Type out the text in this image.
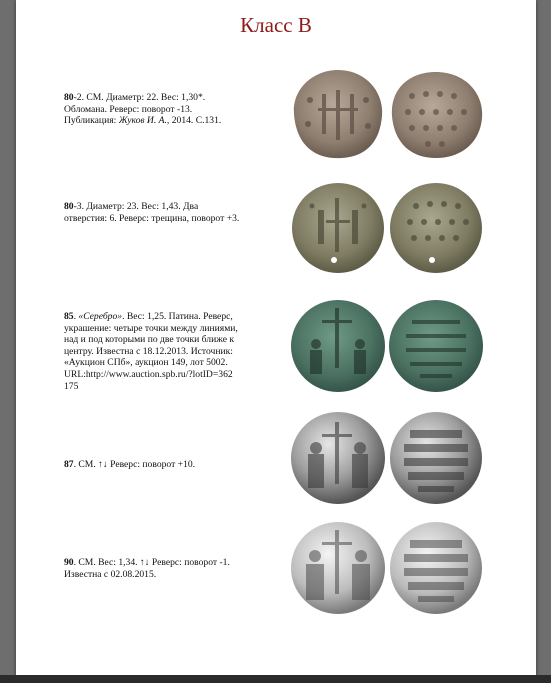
Класс В
80-2. СМ. Диаметр: 22. Вес: 1,30*.
Обломана. Реверс: поворот -13.
Публикация: Жуков И. А., 2014. С.131.
80-3. Диаметр: 23. Вес: 1,43. Два
отверстия: 6. Реверс: трещина, поворот +3.
85. «Серебро». Вес: 1,25. Патина. Реверс,
украшение: четыре точки между линиями,
над и под которыми по две точки ближе к
центру. Известна с 18.12.2013. Источник:
«Аукцион СПб», аукцион 149, лот 5002.
URL:http://www.auction.spb.ru/?lotID=362
175
87. СМ. ↑↓ Реверс: поворот +10.
90. СМ. Вес: 1,34. ↑↓ Реверс: поворот -1.
Известна с 02.08.2015.
